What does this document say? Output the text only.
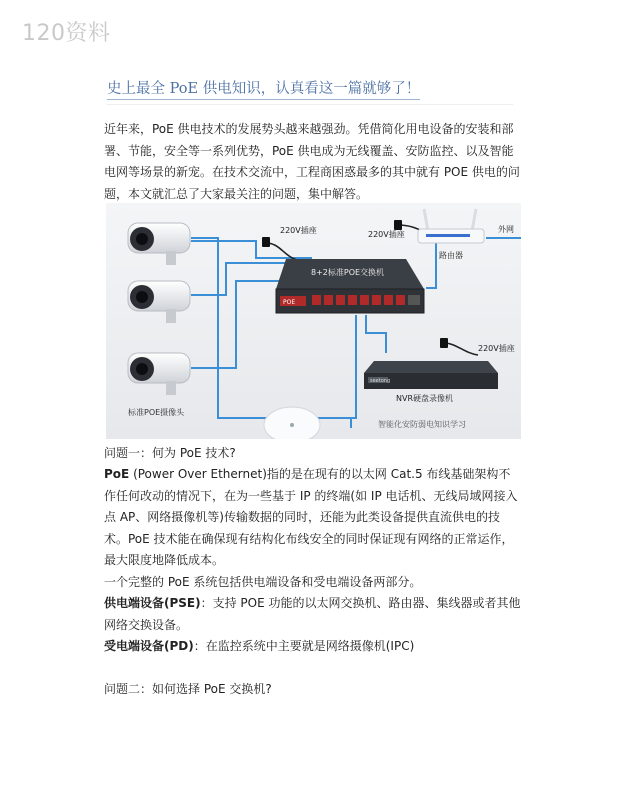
120资料
史上最全 PoE 供电知识，认真看这一篇就够了！
近年来，PoE 供电技术的发展势头越来越强劲。凭借简化用电设备的安装和部署、节能，安全等一系列优势，PoE 供电成为无线覆盖、安防监控、以及智能电网等场景的新宠。在技术交流中，工程商困惑最多的其中就有 POE 供电的问题，本文就汇总了大家最关注的问题，集中解答。
标准POE摄像头
POE
8+2标准POE交换机
220V插座	220V插座
220V插座
路由器
外网
seetong
NVR硬盘录像机
智能化安防弱电知识学习
问题一：何为 PoE 技术?
PoE (Power Over Ethernet)指的是在现有的以太网 Cat.5 布线基础架构不作任何改动的情况下，在为一些基于 IP 的终端(如 IP 电话机、无线局域网接入点 AP、网络摄像机等)传输数据的同时，还能为此类设备提供直流供电的技术。PoE 技术能在确保现有结构化布线安全的同时保证现有网络的正常运作，最大限度地降低成本。
一个完整的 PoE 系统包括供电端设备和受电端设备两部分。
供电端设备(PSE)：支持 POE 功能的以太网交换机、路由器、集线器或者其他网络交换设备。
受电端设备(PD)：在监控系统中主要就是网络摄像机(IPC)
问题二：如何选择 PoE 交换机?
